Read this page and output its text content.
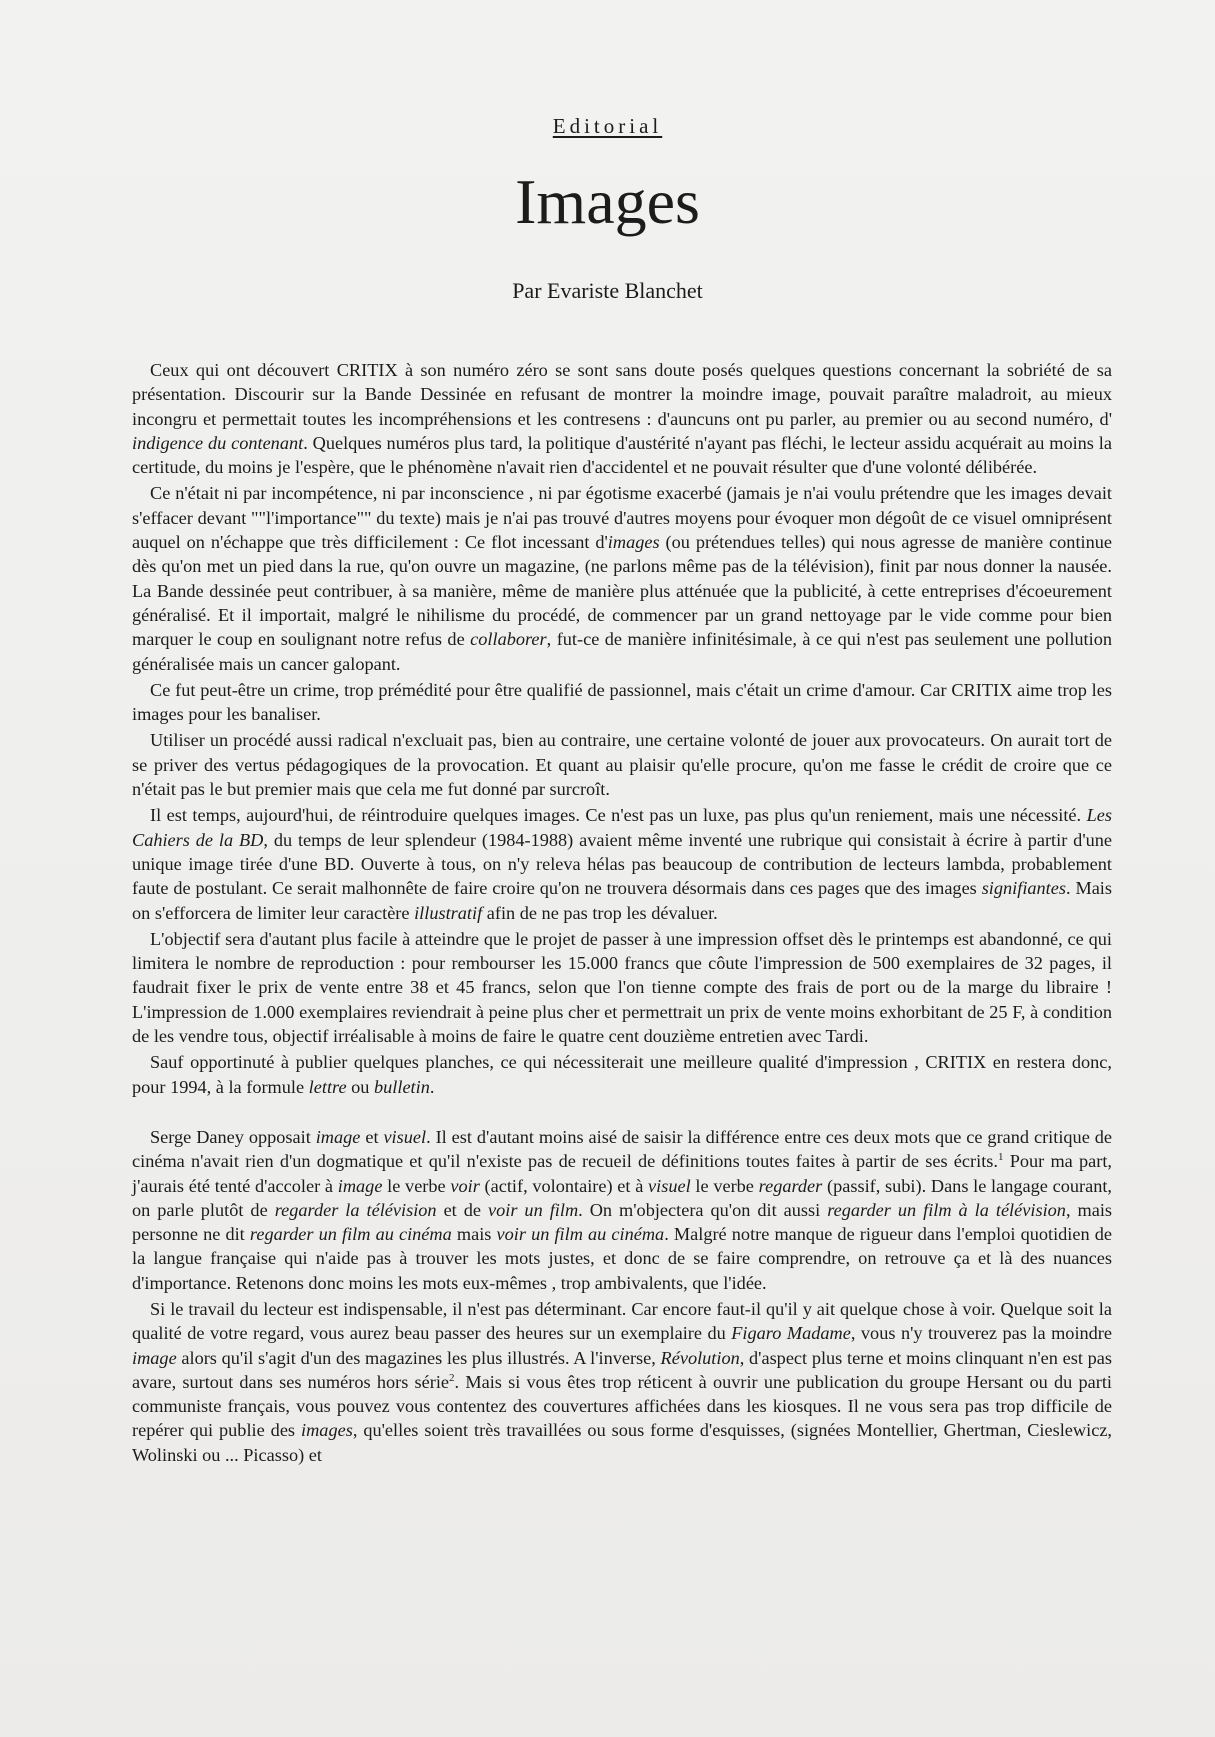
Editorial
Images
Par Evariste Blanchet

Ceux qui ont découvert CRITIX à son numéro zéro se sont sans doute posés quelques questions concernant la sobriété de sa présentation. Discourir sur la Bande Dessinée en refusant de montrer la moindre image, pouvait paraître maladroit, au mieux incongru et permettait toutes les incompréhensions et les contresens : d'auncuns ont pu parler, au premier ou au second numéro, d' indigence du contenant. Quelques numéros plus tard, la politique d'austérité n'ayant pas fléchi, le lecteur assidu acquérait au moins la certitude, du moins je l'espère, que le phénomène n'avait rien d'accidentel et ne pouvait résulter que d'une volonté délibérée.

Ce n'était ni par incompétence, ni par inconscience , ni par égotisme exacerbé (jamais je n'ai voulu prétendre que les images devait s'effacer devant ""l'importance"" du texte) mais je n'ai pas trouvé d'autres moyens pour évoquer mon dégoût de ce visuel omniprésent auquel on n'échappe que très difficilement : Ce flot incessant d'images (ou prétendues telles) qui nous agresse de manière continue dès qu'on met un pied dans la rue, qu'on ouvre un magazine, (ne parlons même pas de la télévision), finit par nous donner la nausée. La Bande dessinée peut contribuer, à sa manière, même de manière plus atténuée que la publicité, à cette entreprises d'écoeurement généralisé. Et il importait, malgré le nihilisme du procédé, de commencer par un grand nettoyage par le vide comme pour bien marquer le coup en soulignant notre refus de collaborer, fut-ce de manière infinitésimale, à ce qui n'est pas seulement une pollution généralisée mais un cancer galopant.

Ce fut peut-être un crime, trop prémédité pour être qualifié de passionnel, mais c'était un crime d'amour. Car CRITIX aime trop les images pour les banaliser.

Utiliser un procédé aussi radical n'excluait pas, bien au contraire, une certaine volonté de jouer aux provocateurs. On aurait tort de se priver des vertus pédagogiques de la provocation. Et quant au plaisir qu'elle procure, qu'on me fasse le crédit de croire que ce n'était pas le but premier mais que cela me fut donné par surcroît.

Il est temps, aujourd'hui, de réintroduire quelques images. Ce n'est pas un luxe, pas plus qu'un reniement, mais une nécessité. Les Cahiers de la BD, du temps de leur splendeur (1984-1988) avaient même inventé une rubrique qui consistait à écrire à partir d'une unique image tirée d'une BD. Ouverte à tous, on n'y releva hélas pas beaucoup de contribution de lecteurs lambda, probablement faute de postulant. Ce serait malhonnête de faire croire qu'on ne trouvera désormais dans ces pages que des images signifiantes. Mais on s'efforcera de limiter leur caractère illustratif afin de ne pas trop les dévaluer.

L'objectif sera d'autant plus facile à atteindre que le projet de passer à une impression offset dès le printemps est abandonné, ce qui limitera le nombre de reproduction : pour rembourser les 15.000 francs que côute l'impression de 500 exemplaires de 32 pages, il faudrait fixer le prix de vente entre 38 et 45 francs, selon que l'on tienne compte des frais de port ou de la marge du libraire ! L'impression de 1.000 exemplaires reviendrait à peine plus cher et permettrait un prix de vente moins exhorbitant de 25 F, à condition de les vendre tous, objectif irréalisable à moins de faire le quatre cent douzième entretien avec Tardi.

Sauf opportinuté à publier quelques planches, ce qui nécessiterait une meilleure qualité d'impression , CRITIX en restera donc, pour 1994, à la formule lettre ou bulletin.

Serge Daney opposait image et visuel. Il est d'autant moins aisé de saisir la différence entre ces deux mots que ce grand critique de cinéma n'avait rien d'un dogmatique et qu'il n'existe pas de recueil de définitions toutes faites à partir de ses écrits.$^1$ Pour ma part, j'aurais été tenté d'accoler à image le verbe voir (actif, volontaire) et à visuel le verbe regarder (passif, subi). Dans le langage courant, on parle plutôt de regarder la télévision et de voir un film. On m'objectera qu'on dit aussi regarder un film à la télévision, mais personne ne dit regarder un film au cinéma mais voir un film au cinéma. Malgré notre manque de rigueur dans l'emploi quotidien de la langue française qui n'aide pas à trouver les mots justes, et donc de se faire comprendre, on retrouve ça et là des nuances d'importance. Retenons donc moins les mots eux-mêmes , trop ambivalents, que l'idée.

Si le travail du lecteur est indispensable, il n'est pas déterminant. Car encore faut-il qu'il y ait quelque chose à voir. Quelque soit la qualité de votre regard, vous aurez beau passer des heures sur un exemplaire du Figaro Madame, vous n'y trouverez pas la moindre image alors qu'il s'agit d'un des magazines les plus illustrés. A l'inverse, Révolution, d'aspect plus terne et moins clinquant n'en est pas avare, surtout dans ses numéros hors série$^2$. Mais si vous êtes trop réticent à ouvrir une publication du groupe Hersant ou du parti communiste français, vous pouvez vous contentez des couvertures affichées dans les kiosques. Il ne vous sera pas trop difficile de repérer qui publie des images, qu'elles soient très travaillées ou sous forme d'esquisses, (signées Montellier, Ghertman, Cieslewicz, Wolinski ou ... Picasso) et
